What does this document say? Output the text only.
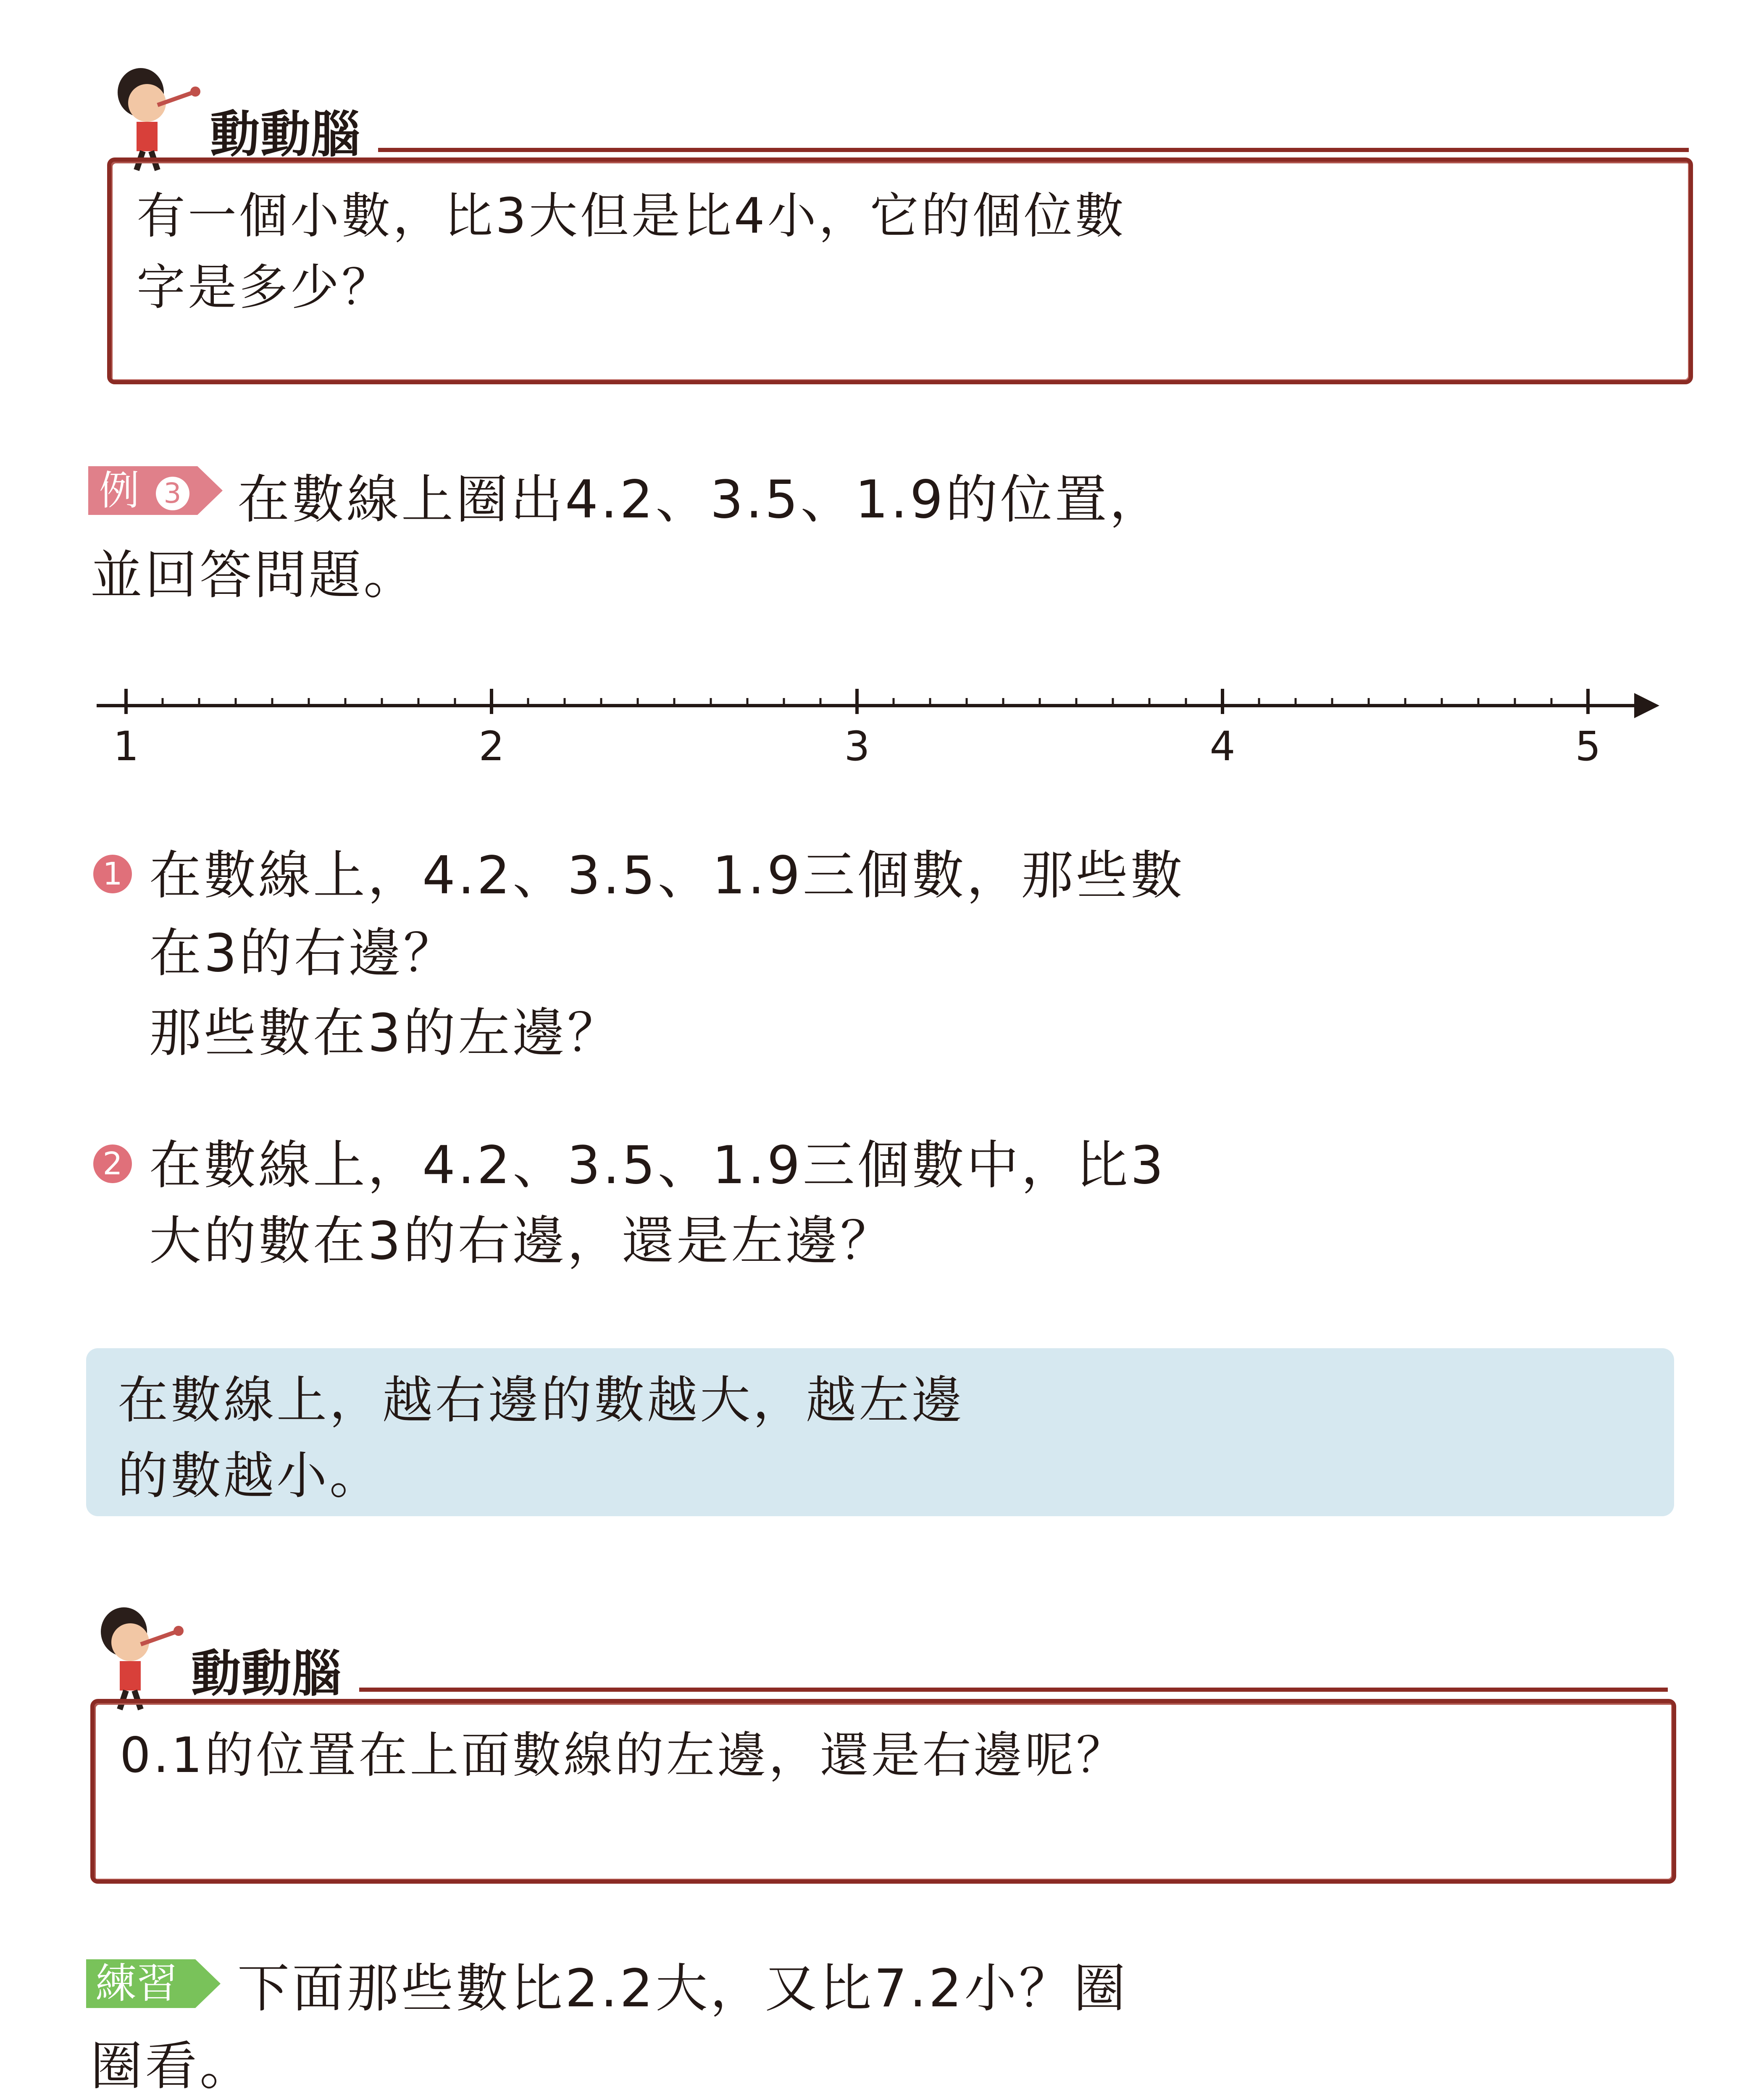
動動腦
有一個小數，比3大但是比4小，它的個位數
字是多少？
例 3	在數線上圈出4.2、3.5、1.9的位置，
並回答問題。
1	2	3	4	5
1 在數線上，4.2、3.5、1.9三個數，那些數
在3的右邊？
那些數在3的左邊？
2 在數線上，4.2、3.5、1.9三個數中，比3
大的數在3的右邊，還是左邊？
在數線上，越右邊的數越大，越左邊
的數越小。
動動腦
0.1的位置在上面數線的左邊，還是右邊呢？
練習	下面那些數比2.2大，又比7.2小？圈
圈看。
